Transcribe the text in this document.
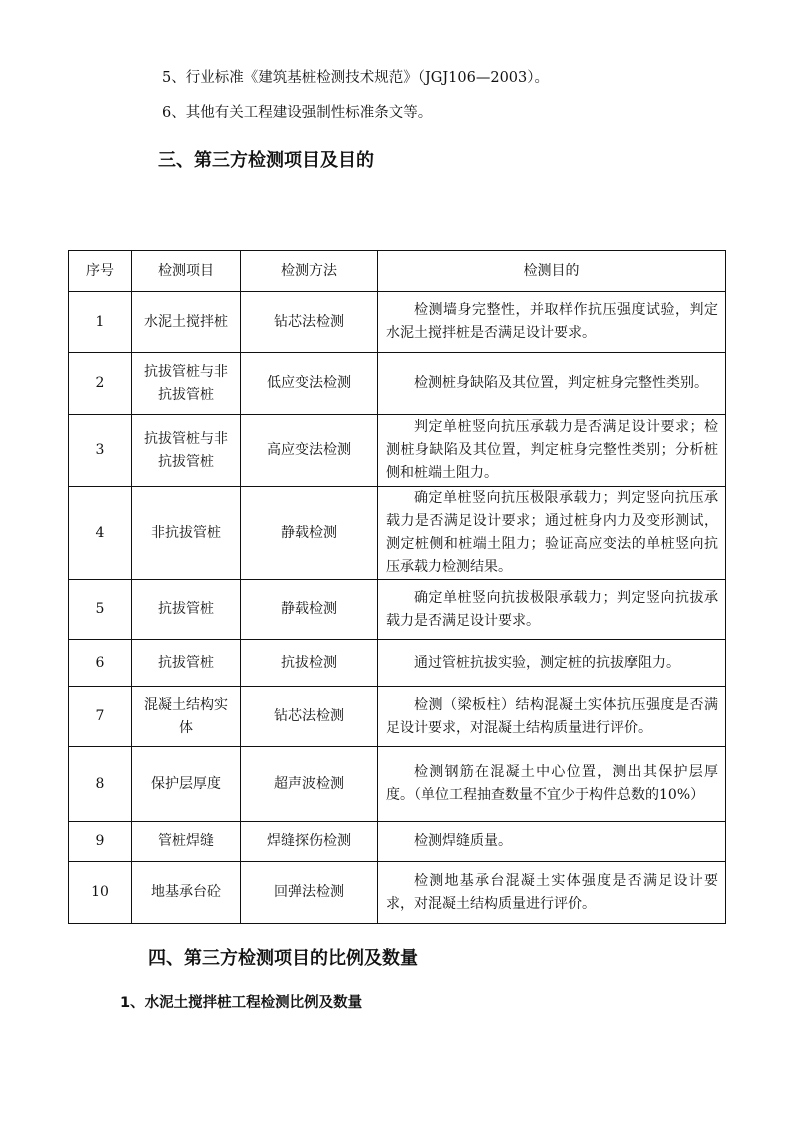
5、行业标准《建筑基桩检测技术规范》（JGJ106—2003）。
6、其他有关工程建设强制性标准条文等。
三、第三方检测项目及目的
序号	检测项目	检测方法	检测目的
1	水泥土搅拌桩	钻芯法检测	检测墙身完整性，并取样作抗压强度试验，判定水泥土搅拌桩是否满足设计要求。
2	抗拔管桩与非抗拔管桩	低应变法检测	检测桩身缺陷及其位置，判定桩身完整性类别。
3	抗拔管桩与非抗拔管桩	高应变法检测	判定单桩竖向抗压承载力是否满足设计要求；检测桩身缺陷及其位置，判定桩身完整性类别；分析桩侧和桩端土阻力。
4	非抗拔管桩	静载检测	确定单桩竖向抗压极限承载力；判定竖向抗压承载力是否满足设计要求；通过桩身内力及变形测试，测定桩侧和桩端土阻力；验证高应变法的单桩竖向抗压承载力检测结果。
5	抗拔管桩	静载检测	确定单桩竖向抗拔极限承载力；判定竖向抗拔承载力是否满足设计要求。
6	抗拔管桩	抗拔检测	通过管桩抗拔实验，测定桩的抗拔摩阻力。
7	混凝土结构实体	钻芯法检测	检测（梁板柱）结构混凝土实体抗压强度是否满足设计要求，对混凝土结构质量进行评价。
8	保护层厚度	超声波检测	检测钢筋在混凝土中心位置，测出其保护层厚度。（单位工程抽查数量不宜少于构件总数的10%）
9	管桩焊缝	焊缝探伤检测	检测焊缝质量。
10	地基承台砼	回弹法检测	检测地基承台混凝土实体强度是否满足设计要求，对混凝土结构质量进行评价。
四、第三方检测项目的比例及数量
1、水泥土搅拌桩工程检测比例及数量
